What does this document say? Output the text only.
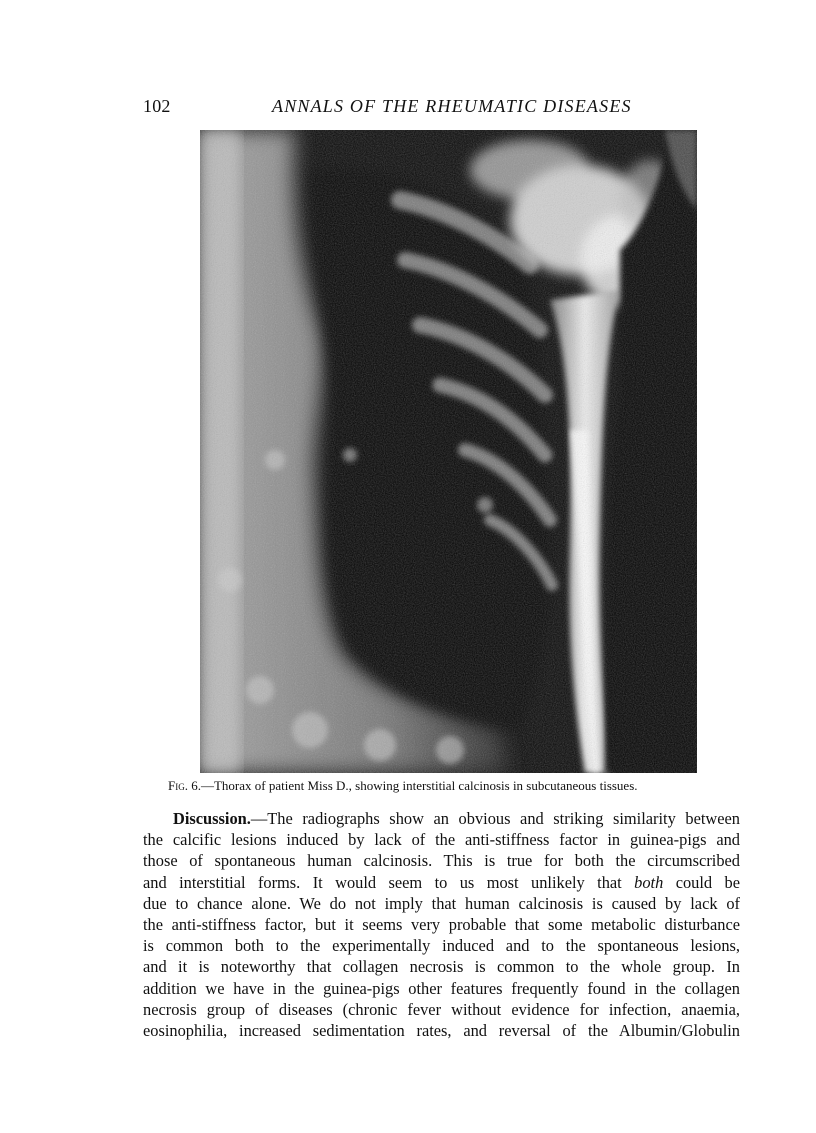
102	ANNALS OF THE RHEUMATIC DISEASES
Fig. 6.—Thorax of patient Miss D., showing interstitial calcinosis in subcutaneous tissues.
Discussion.—The radiographs show an obvious and striking similarity between
the calcific lesions induced by lack of the anti-stiffness factor in guinea-pigs and
those of spontaneous human calcinosis. This is true for both the circumscribed
and interstitial forms. It would seem to us most unlikely that both could be
due to chance alone. We do not imply that human calcinosis is caused by lack of
the anti-stiffness factor, but it seems very probable that some metabolic disturbance
is common both to the experimentally induced and to the spontaneous lesions,
and it is noteworthy that collagen necrosis is common to the whole group. In
addition we have in the guinea-pigs other features frequently found in the collagen
necrosis group of diseases (chronic fever without evidence for infection, anaemia,
eosinophilia, increased sedimentation rates, and reversal of the Albumin/Globulin
